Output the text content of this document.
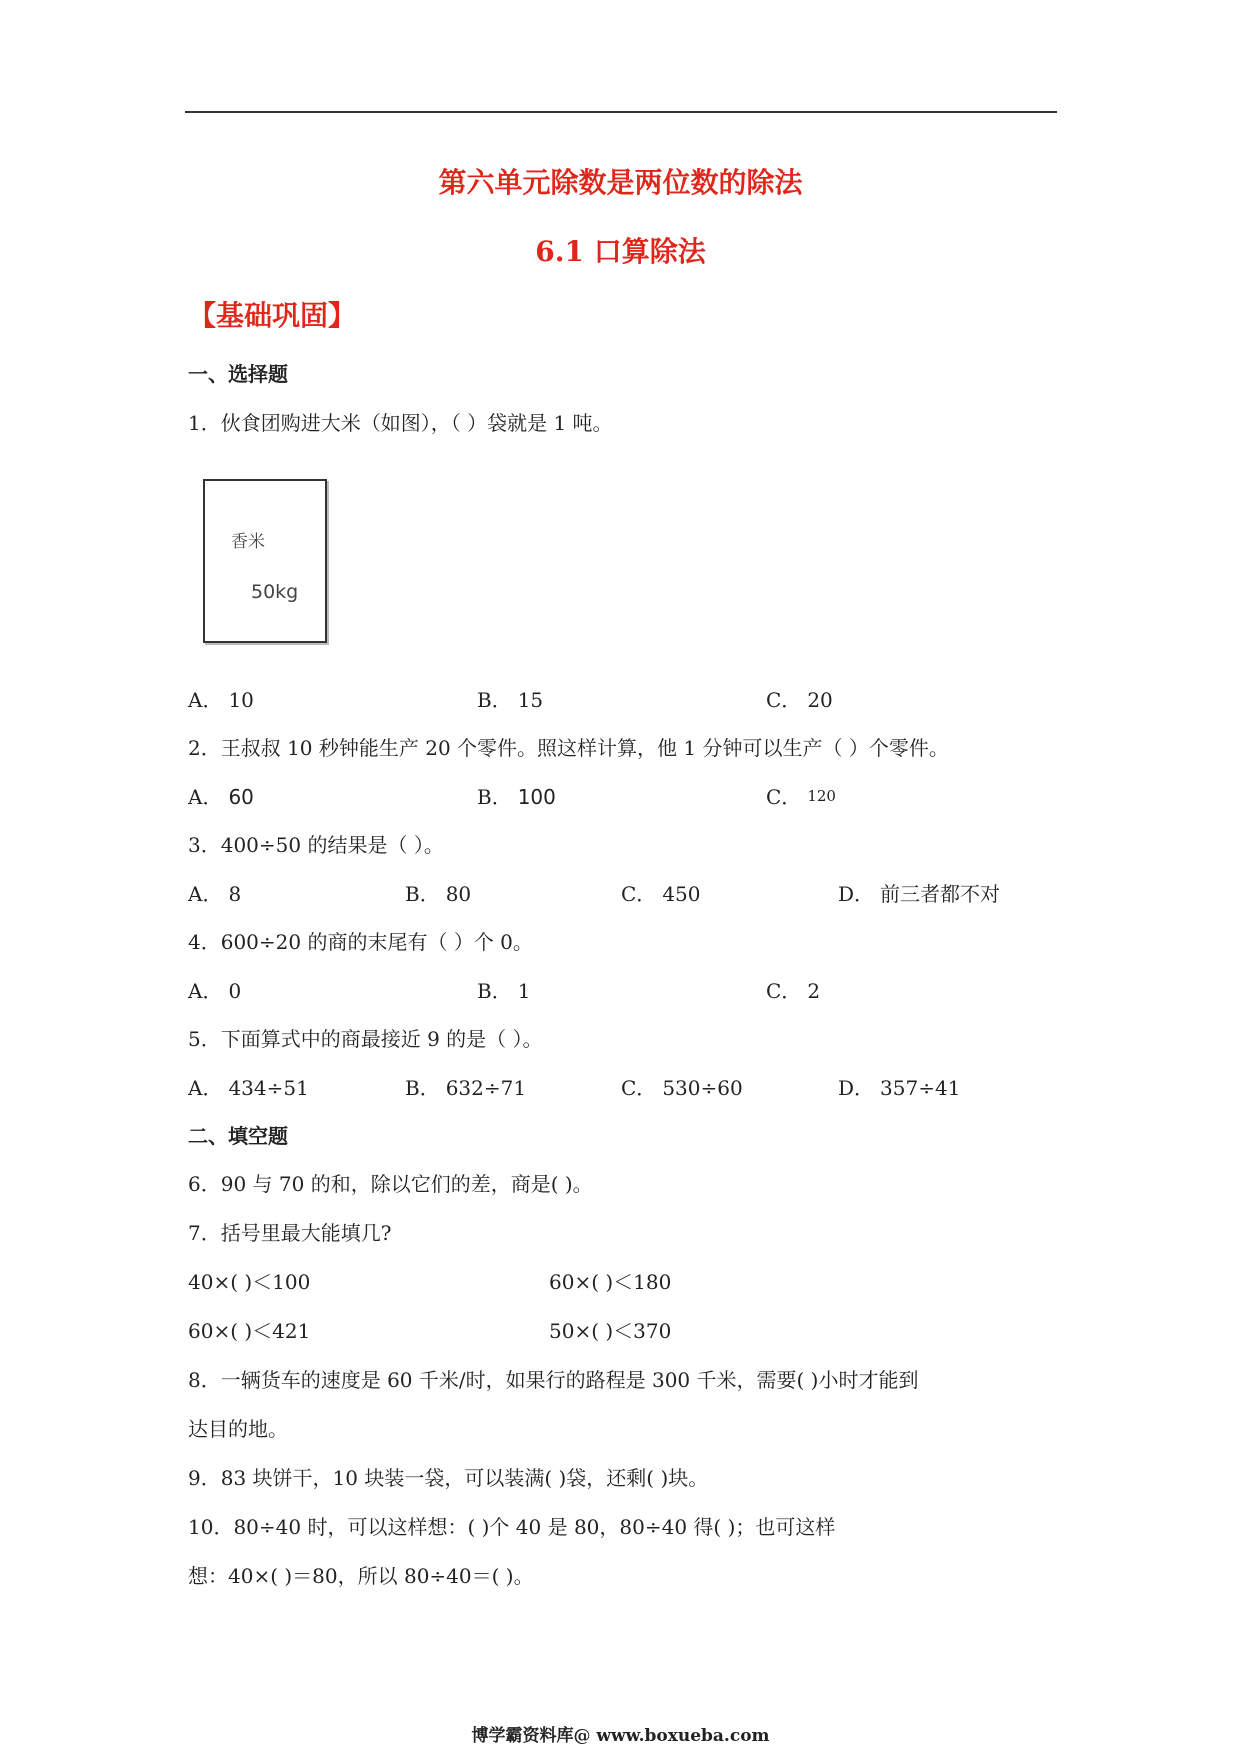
第六单元除数是两位数的除法
6.1 口算除法
【基础巩固】
一、选择题
1．伙食团购进大米（如图），（ ）袋就是 1 吨。
香米
50kg
A． 10	B． 15	C． 20
2．王叔叔 10 秒钟能生产 20 个零件。照这样计算，他 1 分钟可以生产（ ）个零件。
A． 60	B． 100	C． 120
3．400÷50 的结果是（ ）。
A． 8	B． 80	C． 450	D． 前三者都不对
4．600÷20 的商的末尾有（ ）个 0。
A． 0	B． 1	C． 2
5．下面算式中的商最接近 9 的是（ ）。
A． 434÷51	B． 632÷71	C． 530÷60	D． 357÷41
二、填空题
6．90 与 70 的和，除以它们的差，商是( )。
7．括号里最大能填几?
40×( )＜100	60×( )＜180
60×( )＜421	50×( )＜370
8．一辆货车的速度是 60 千米/时，如果行的路程是 300 千米，需要( )小时才能到
达目的地。
9．83 块饼干，10 块装一袋，可以装满( )袋，还剩( )块。
10．80÷40 时，可以这样想：( )个 40 是 80，80÷40 得( )；也可这样
想：40×( )＝80，所以 80÷40＝( )。
博学霸资料库@ www.boxueba.com
